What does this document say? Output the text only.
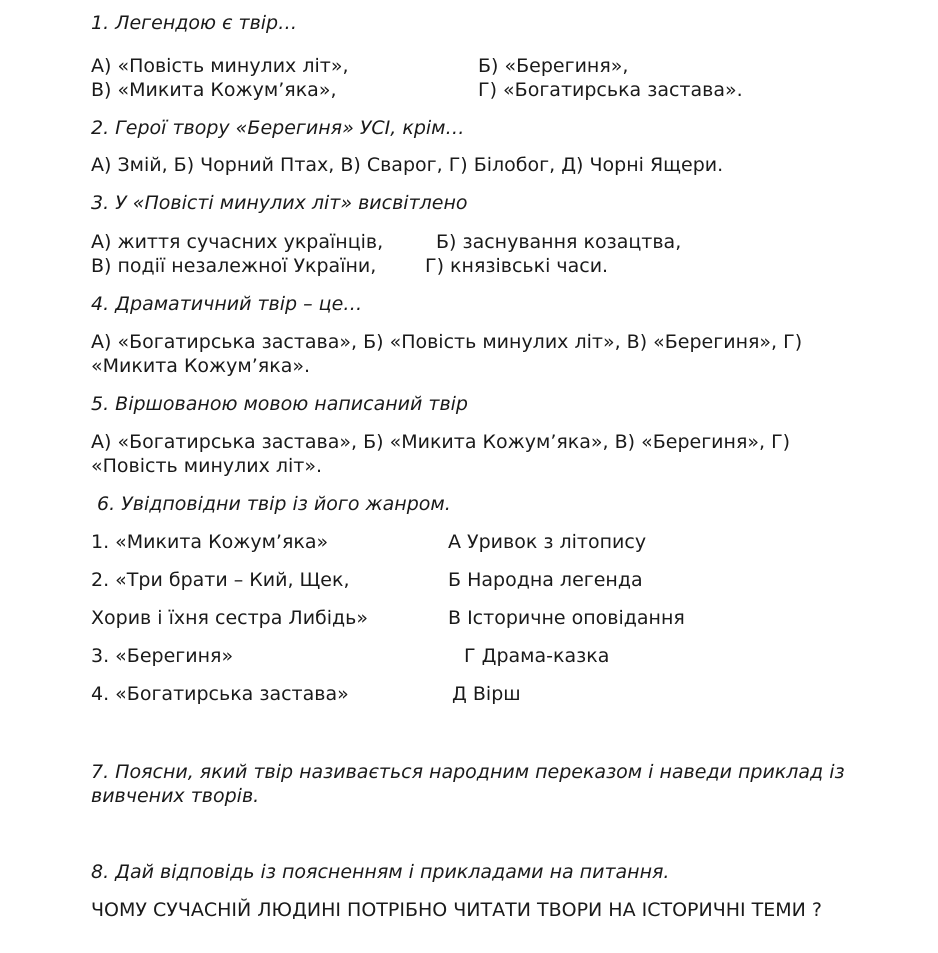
1. Легендою є твір…
А) «Повість минулих літ»,	Б) «Берегиня»,
В) «Микита Кожум’яка»,	Г) «Богатирська застава».
2. Герої твору «Берегиня» УСІ, крім…
А) Змій, Б) Чорний Птах, В) Сварог, Г) Білобог, Д) Чорні Ящери.
3. У «Повісті минулих літ» висвітлено
А) життя сучасних українців,	Б) заснування козацтва,
В) події незалежної України,	Г) князівські часи.
4. Драматичний твір – це…
А) «Богатирська застава», Б) «Повість минулих літ», В) «Берегиня», Г) «Микита Кожум’яка».
5. Віршованою мовою написаний твір
А) «Богатирська застава», Б) «Микита Кожум’яка», В) «Берегиня», Г) «Повість минулих літ».
6. Увідповідни твір із його жанром.
1. «Микита Кожум’яка»	А Уривок з літопису
2. «Три брати – Кий, Щек,	Б Народна легенда
Хорив і їхня сестра Либідь»	В Історичне оповідання
3. «Берегиня»	Г Драма-казка
4. «Богатирська застава»	Д Вірш
7. Поясни, який твір називається народним переказом і наведи приклад із вивчених творів.
8. Дай відповідь із поясненням і прикладами на питання.
ЧОМУ СУЧАСНІЙ ЛЮДИНІ ПОТРІБНО ЧИТАТИ ТВОРИ НА ІСТОРИЧНІ ТЕМИ ?
